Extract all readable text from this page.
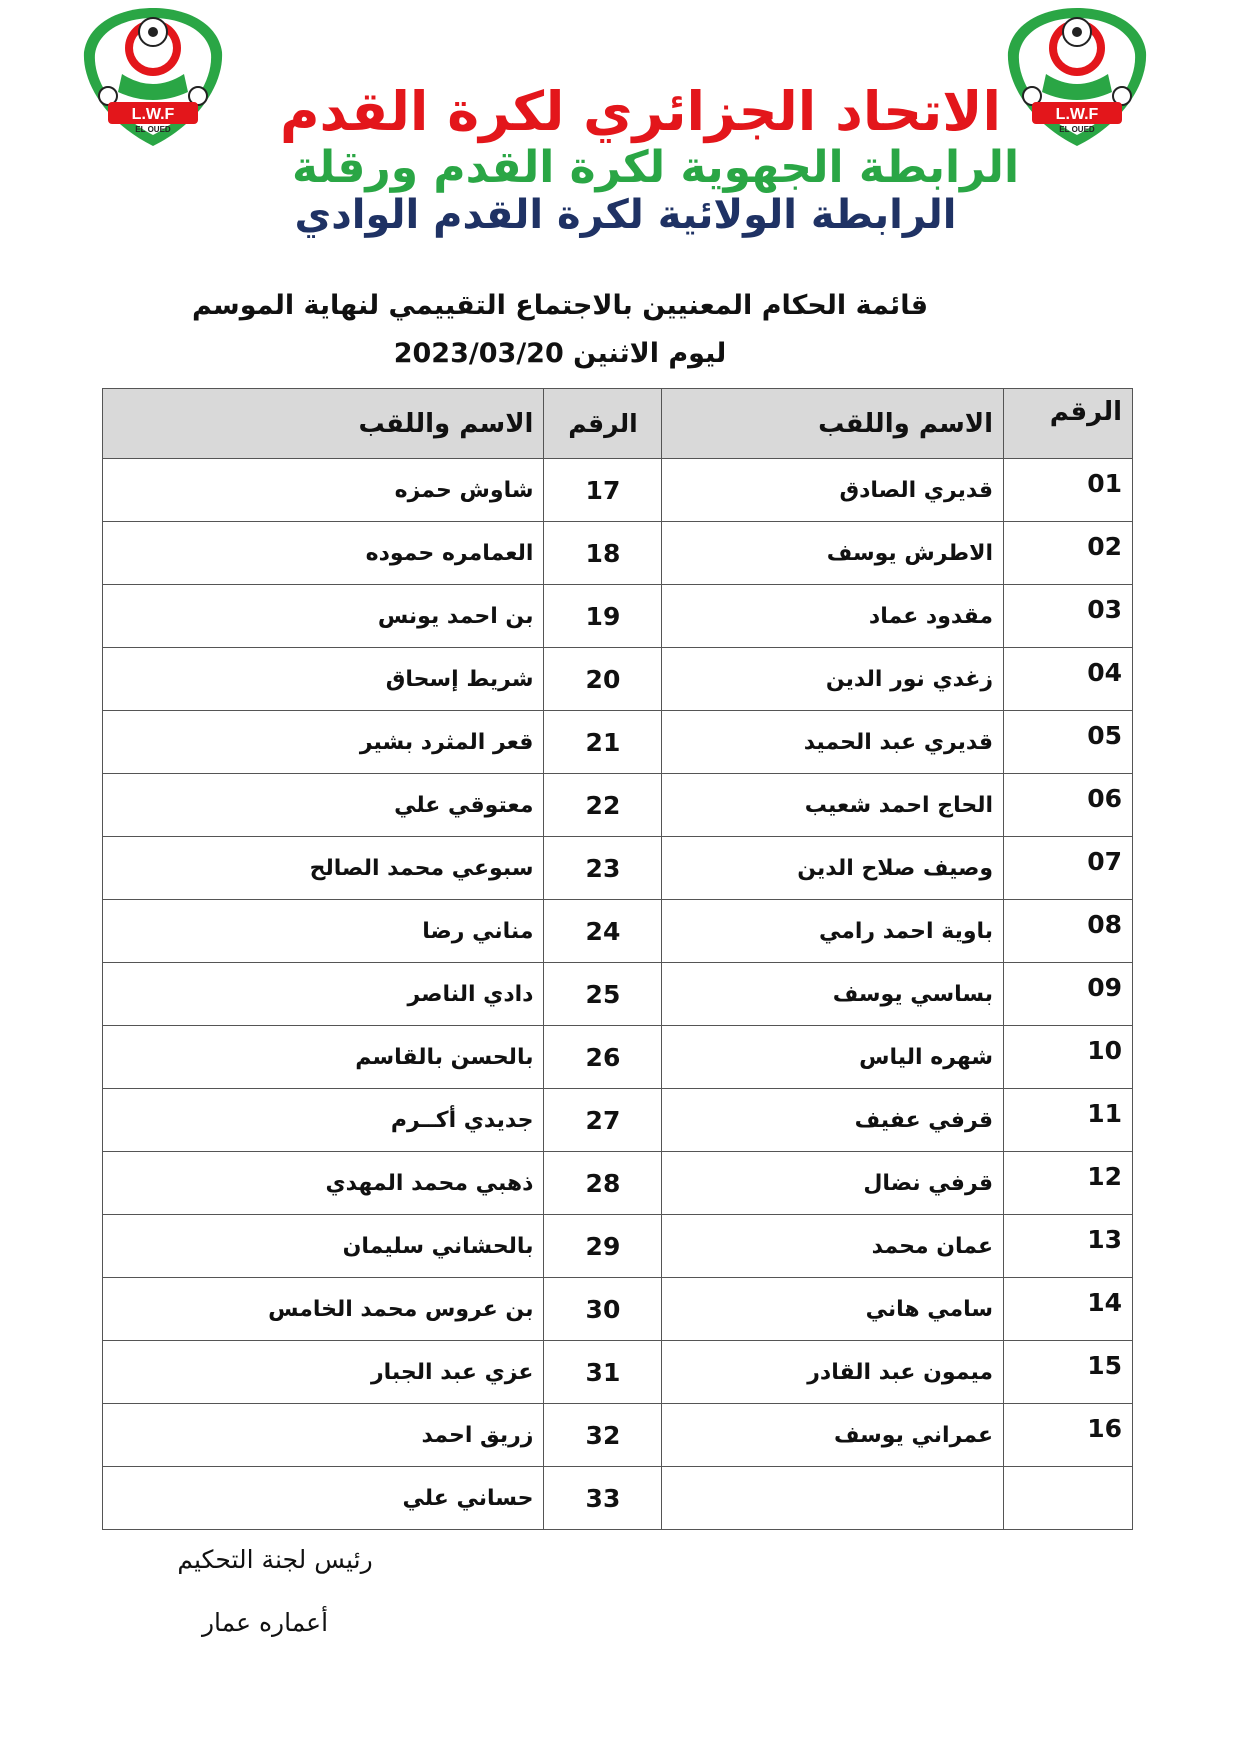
L.W.F
EL OUED
L.W.F
EL OUED
الاتحاد الجزائري لكرة القدم
الرابطة الجهوية لكرة القدم ورقلة
الرابطة الولائية لكرة القدم الوادي
قائمة الحكام المعنيين بالاجتماع التقييمي لنهاية الموسم
ليوم الاثنين 2023/03/20
الاسم واللقب	الرقم	الاسم واللقب	الرقم
شاوش حمزه	17	قديري الصادق	01
العمامره حموده	18	الاطرش يوسف	02
بن احمد يونس	19	مقدود عماد	03
شريط إسحاق	20	زغدي نور الدين	04
قعر المثرد بشير	21	قديري عبد الحميد	05
معتوقي علي	22	الحاج احمد شعيب	06
سبوعي محمد الصالح	23	وصيف صلاح الدين	07
مناني رضا	24	باوية احمد رامي	08
دادي الناصر	25	بساسي يوسف	09
بالحسن بالقاسم	26	شهره الياس	10
جديدي أكــرم	27	قرفي عفيف	11
ذهبي محمد المهدي	28	قرفي نضال	12
بالحشاني سليمان	29	عمان محمد	13
بن عروس محمد الخامس	30	سامي هاني	14
عزي عبد الجبار	31	ميمون عبد القادر	15
زريق احمد	32	عمراني يوسف	16
حساني علي	33		
رئيس لجنة التحكيم
أعماره عمار
